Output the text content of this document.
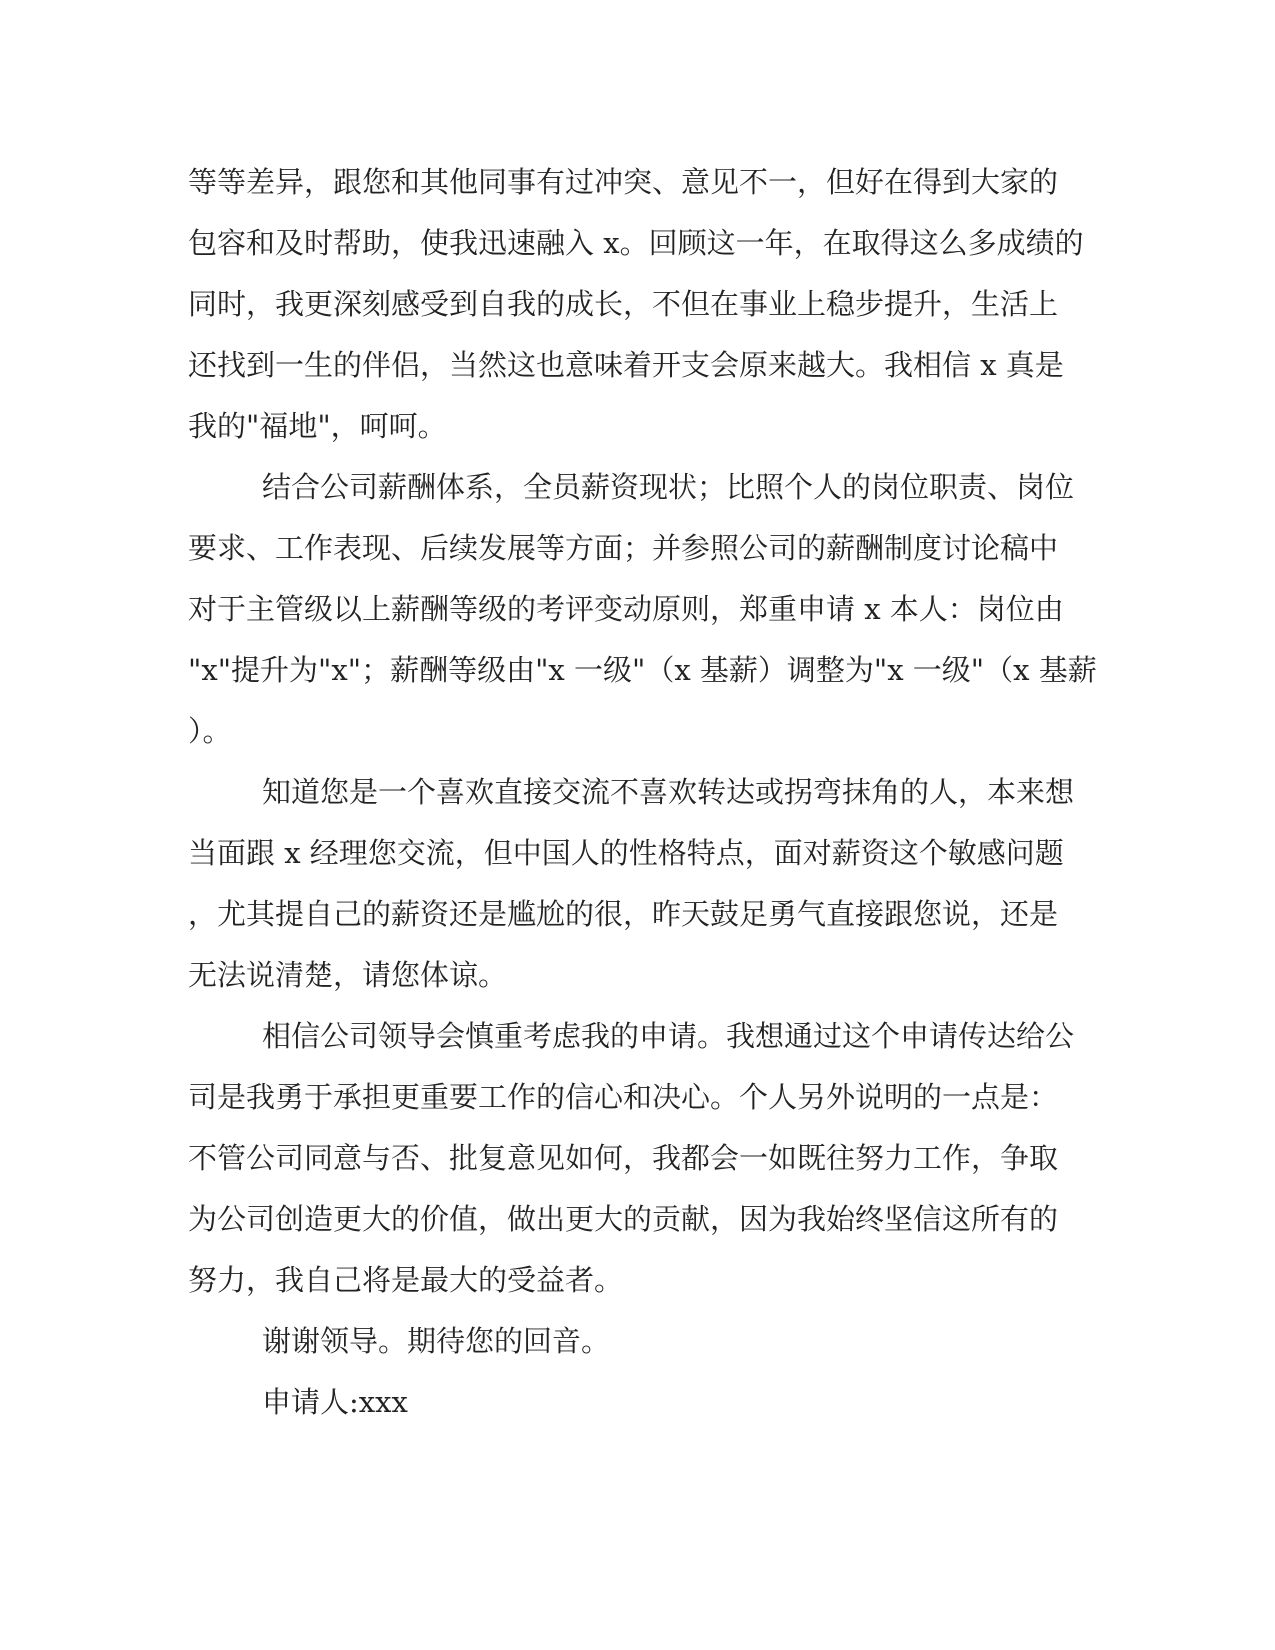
等等差异，跟您和其他同事有过冲突、意见不一，但好在得到大家的
包容和及时帮助，使我迅速融入 x。回顾这一年，在取得这么多成绩的
同时，我更深刻感受到自我的成长，不但在事业上稳步提升，生活上
还找到一生的伴侣，当然这也意味着开支会原来越大。我相信 x 真是
我的"福地"，呵呵。
结合公司薪酬体系，全员薪资现状；比照个人的岗位职责、岗位
要求、工作表现、后续发展等方面；并参照公司的薪酬制度讨论稿中
对于主管级以上薪酬等级的考评变动原则，郑重申请 x 本人：岗位由
"x"提升为"x"；薪酬等级由"x 一级"（x 基薪）调整为"x 一级"（x 基薪
）。
知道您是一个喜欢直接交流不喜欢转达或拐弯抹角的人，本来想
当面跟 x 经理您交流，但中国人的性格特点，面对薪资这个敏感问题
，尤其提自己的薪资还是尴尬的很，昨天鼓足勇气直接跟您说，还是
无法说清楚，请您体谅。
相信公司领导会慎重考虑我的申请。我想通过这个申请传达给公
司是我勇于承担更重要工作的信心和决心。个人另外说明的一点是：
不管公司同意与否、批复意见如何，我都会一如既往努力工作，争取
为公司创造更大的价值，做出更大的贡献，因为我始终坚信这所有的
努力，我自己将是最大的受益者。
谢谢领导。期待您的回音。
申请人:xxx
